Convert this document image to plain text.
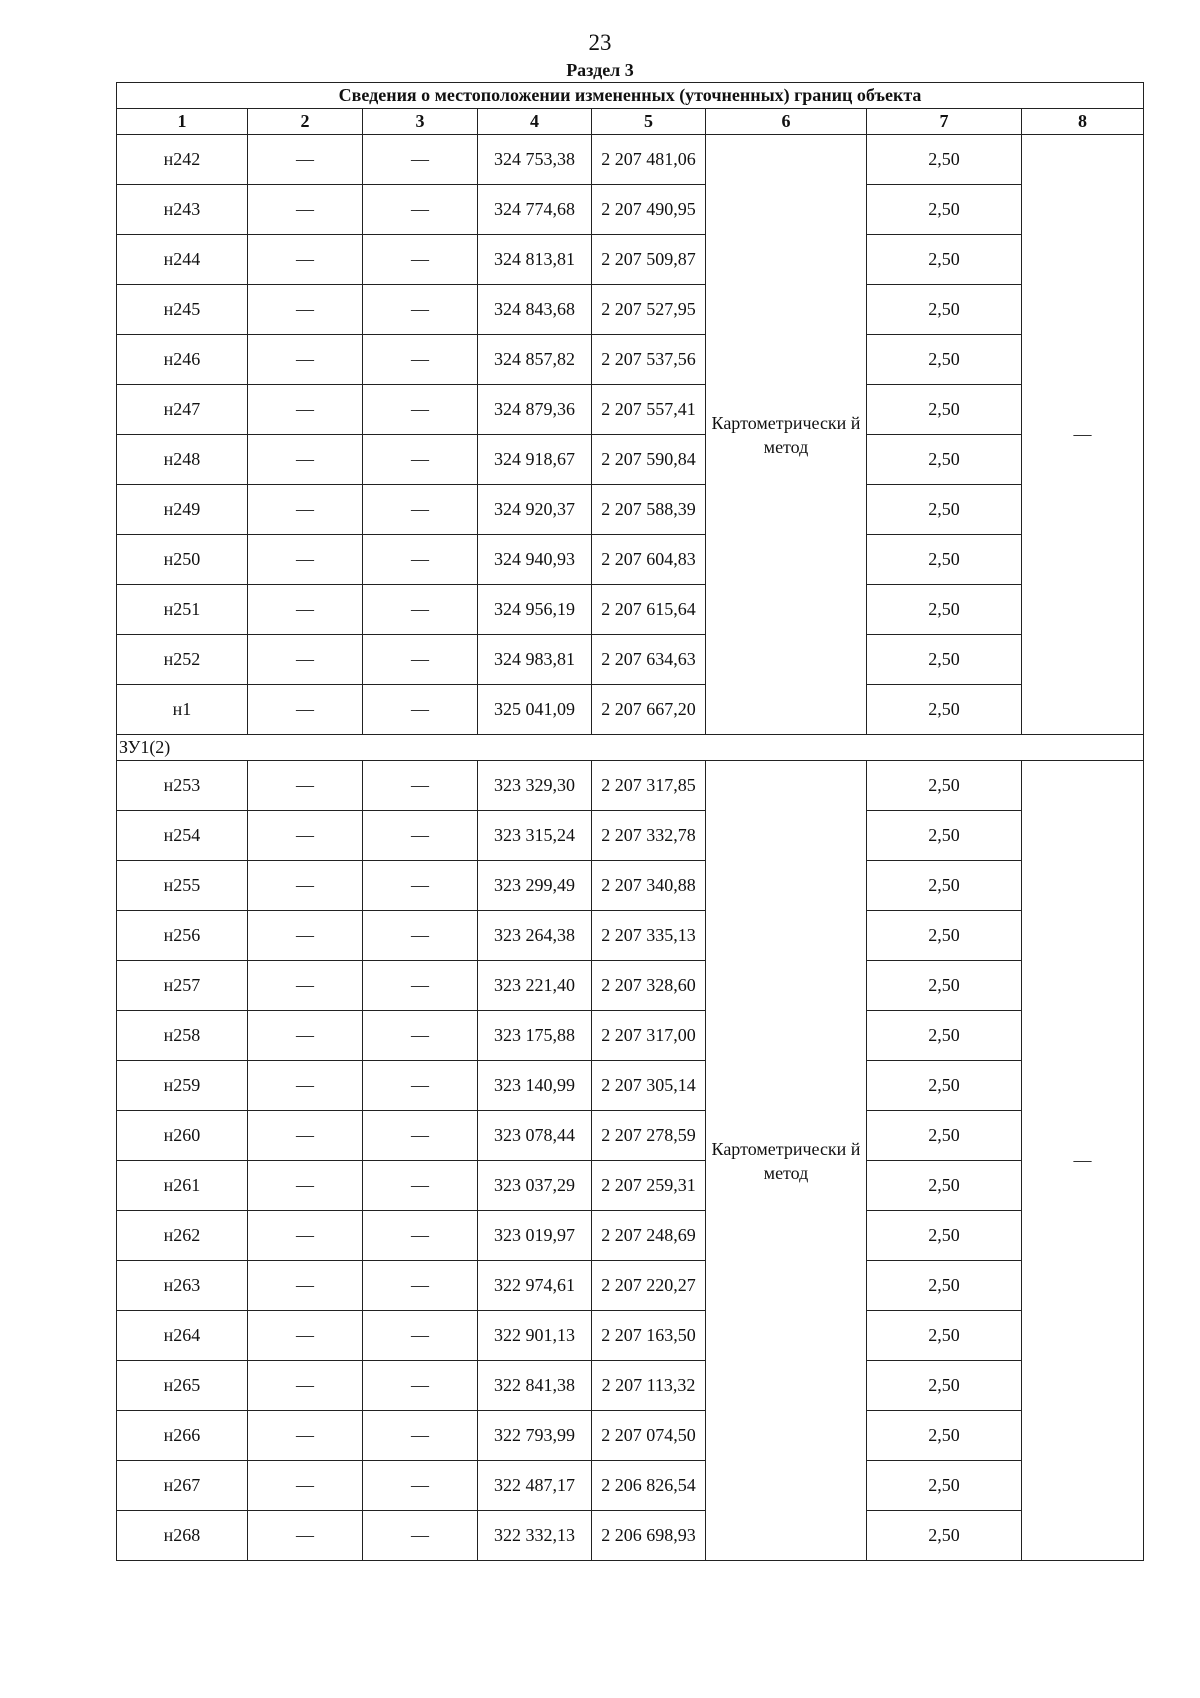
23
Раздел 3
Сведения о местоположении измененных (уточненных) границ объекта							
1	2	3	4	5	6	7	8
н242	—	—	324 753,38	2 207 481,06	Картометрически й метод	2,50	—
н243	—	—	324 774,68	2 207 490,95		2,50	
н244	—	—	324 813,81	2 207 509,87		2,50	
н245	—	—	324 843,68	2 207 527,95		2,50	
н246	—	—	324 857,82	2 207 537,56		2,50	
н247	—	—	324 879,36	2 207 557,41		2,50	
н248	—	—	324 918,67	2 207 590,84		2,50	
н249	—	—	324 920,37	2 207 588,39		2,50	
н250	—	—	324 940,93	2 207 604,83		2,50	
н251	—	—	324 956,19	2 207 615,64		2,50	
н252	—	—	324 983,81	2 207 634,63		2,50	
н1	—	—	325 041,09	2 207 667,20		2,50	
ЗУ1(2)							
н253	—	—	323 329,30	2 207 317,85	Картометрически й метод	2,50	—
н254	—	—	323 315,24	2 207 332,78		2,50	
н255	—	—	323 299,49	2 207 340,88		2,50	
н256	—	—	323 264,38	2 207 335,13		2,50	
н257	—	—	323 221,40	2 207 328,60		2,50	
н258	—	—	323 175,88	2 207 317,00		2,50	
н259	—	—	323 140,99	2 207 305,14		2,50	
н260	—	—	323 078,44	2 207 278,59		2,50	
н261	—	—	323 037,29	2 207 259,31		2,50	
н262	—	—	323 019,97	2 207 248,69		2,50	
н263	—	—	322 974,61	2 207 220,27		2,50	
н264	—	—	322 901,13	2 207 163,50		2,50	
н265	—	—	322 841,38	2 207 113,32		2,50	
н266	—	—	322 793,99	2 207 074,50		2,50	
н267	—	—	322 487,17	2 206 826,54		2,50	
н268	—	—	322 332,13	2 206 698,93		2,50	
